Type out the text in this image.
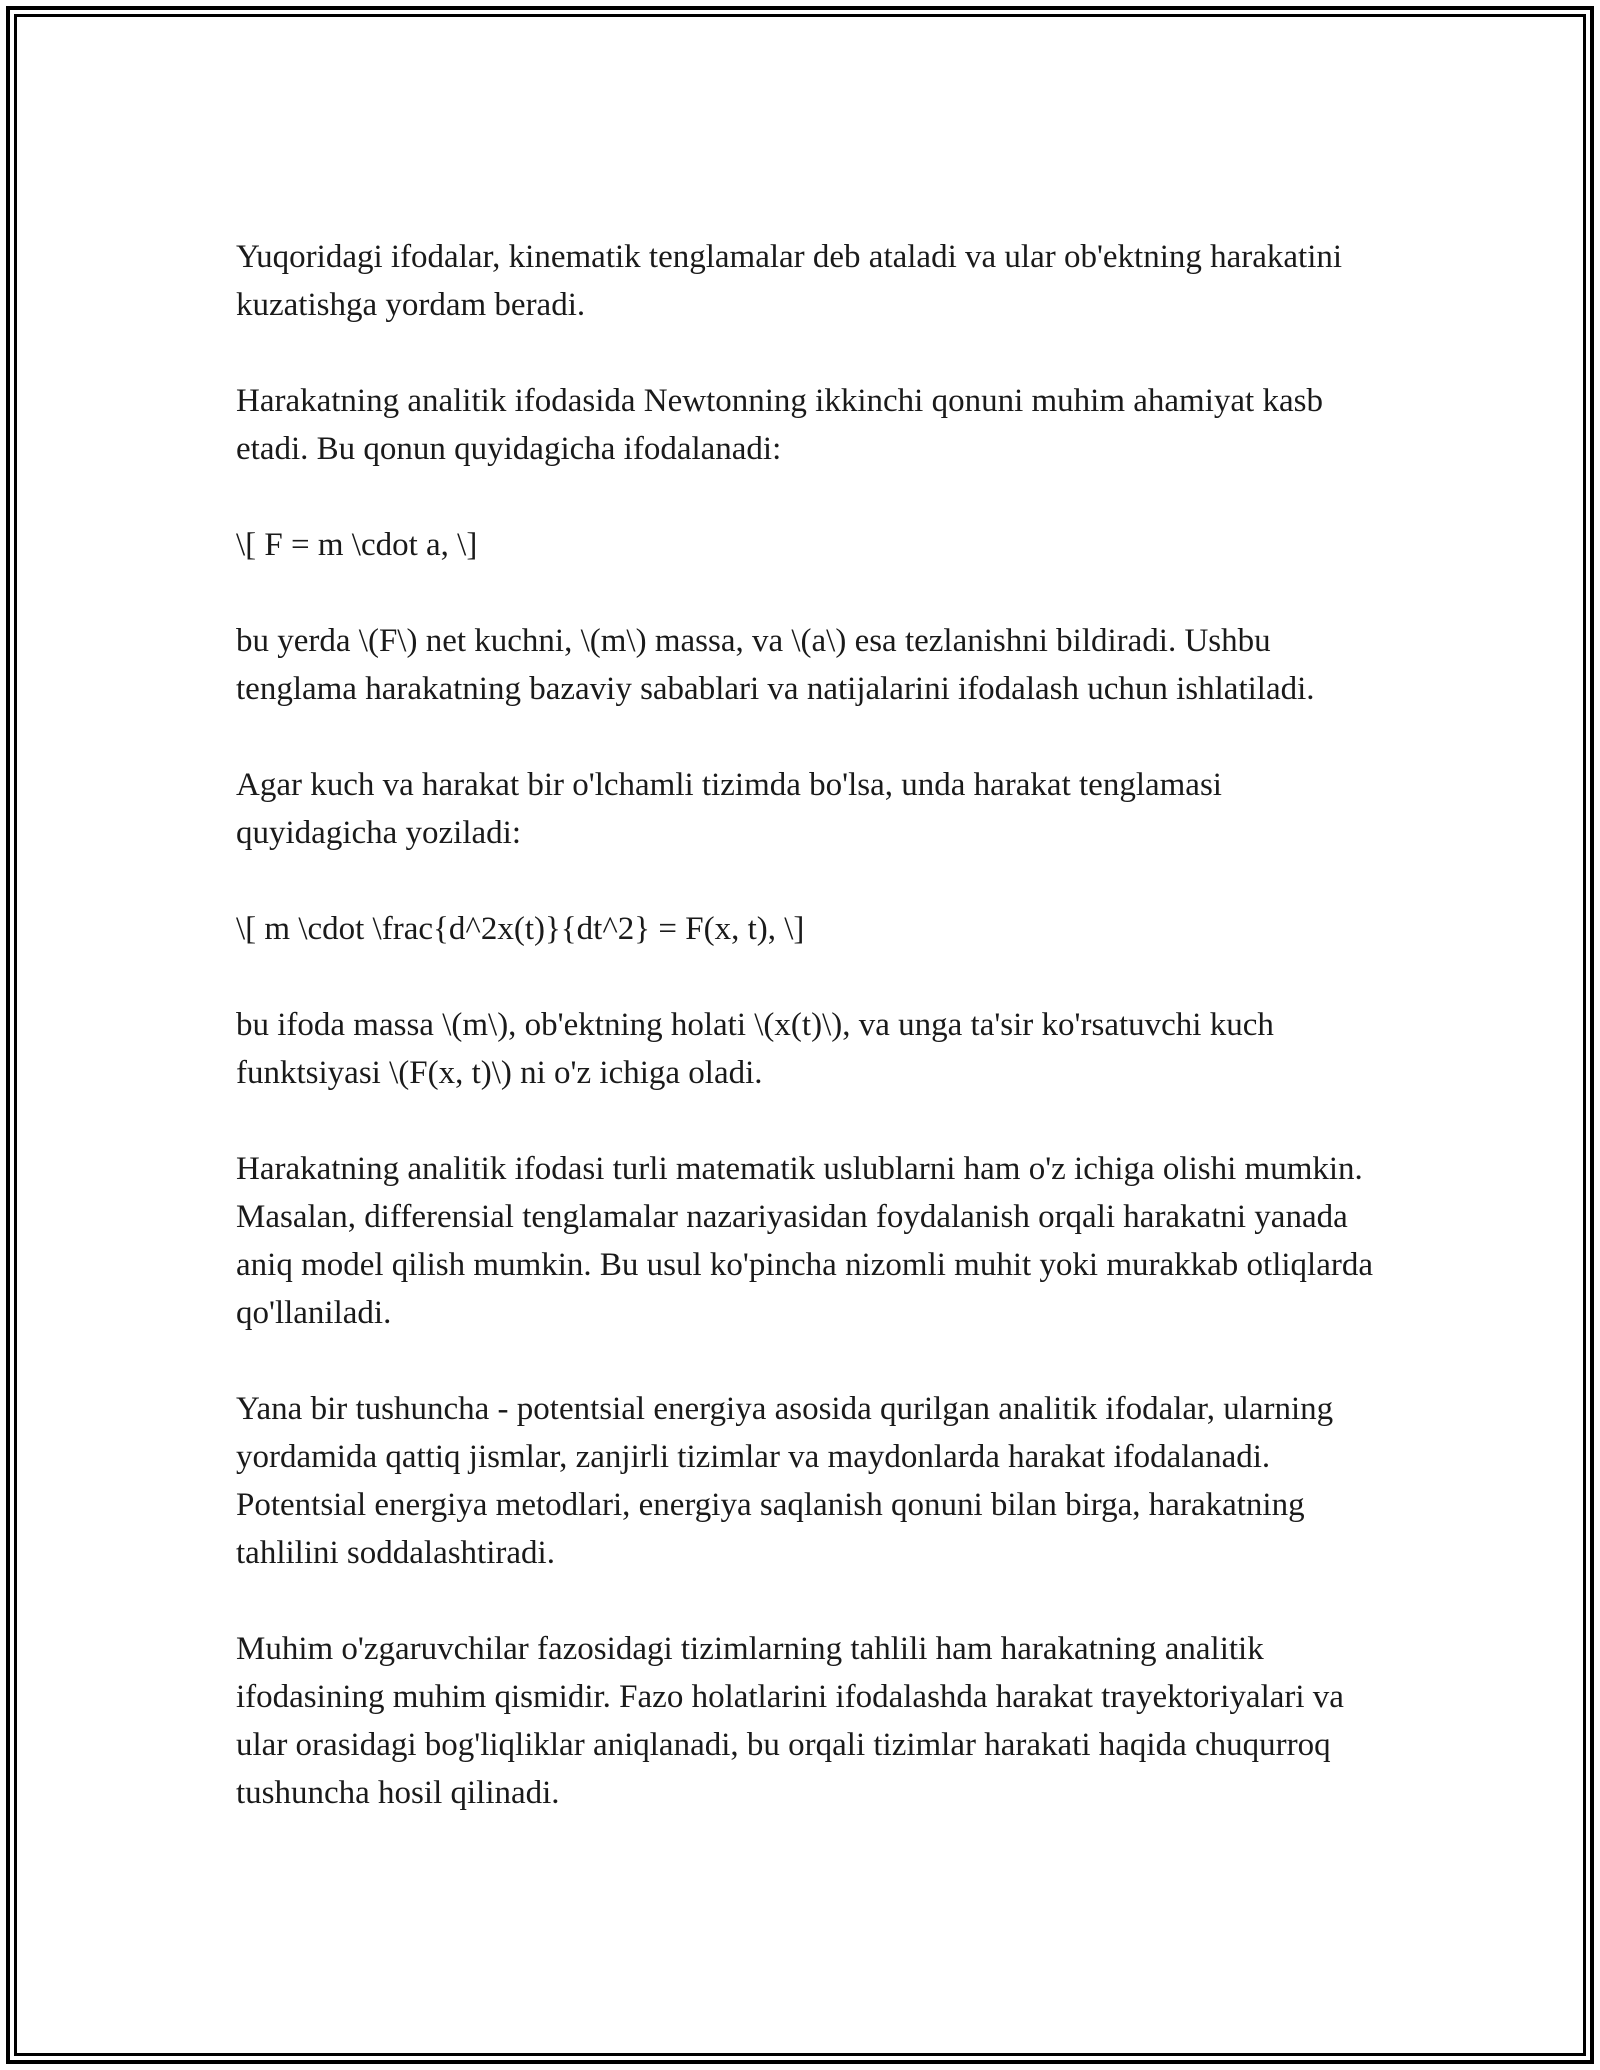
Yuqoridagi ifodalar, kinematik tenglamalar deb ataladi va ular ob'ektning harakatini kuzatishga yordam beradi.

Harakatning analitik ifodasida Newtonning ikkinchi qonuni muhim ahamiyat kasb etadi. Bu qonun quyidagicha ifodalanadi:

\[ F = m \cdot a, \]

bu yerda \(F\) net kuchni, \(m\) massa, va \(a\) esa tezlanishni bildiradi. Ushbu tenglama harakatning bazaviy sabablari va natijalarini ifodalash uchun ishlatiladi.

Agar kuch va harakat bir o'lchamli tizimda bo'lsa, unda harakat tenglamasi quyidagicha yoziladi:

\[ m \cdot \frac{d^2x(t)}{dt^2} = F(x, t), \]

bu ifoda massa \(m\), ob'ektning holati \(x(t)\), va unga ta'sir ko'rsatuvchi kuch funktsiyasi \(F(x, t)\) ni o'z ichiga oladi.

Harakatning analitik ifodasi turli matematik uslublarni ham o'z ichiga olishi mumkin. Masalan, differensial tenglamalar nazariyasidan foydalanish orqali harakatni yanada aniq model qilish mumkin. Bu usul ko'pincha nizomli muhit yoki murakkab otliqlarda qo'llaniladi.

Yana bir tushuncha - potentsial energiya asosida qurilgan analitik ifodalar, ularning yordamida qattiq jismlar, zanjirli tizimlar va maydonlarda harakat ifodalanadi. Potentsial energiya metodlari, energiya saqlanish qonuni bilan birga, harakatning tahlilini soddalashtiradi.

Muhim o'zgaruvchilar fazosidagi tizimlarning tahlili ham harakatning analitik ifodasining muhim qismidir. Fazo holatlarini ifodalashda harakat trayektoriyalari va ular orasidagi bog'liqliklar aniqlanadi, bu orqali tizimlar harakati haqida chuqurroq tushuncha hosil qilinadi.
